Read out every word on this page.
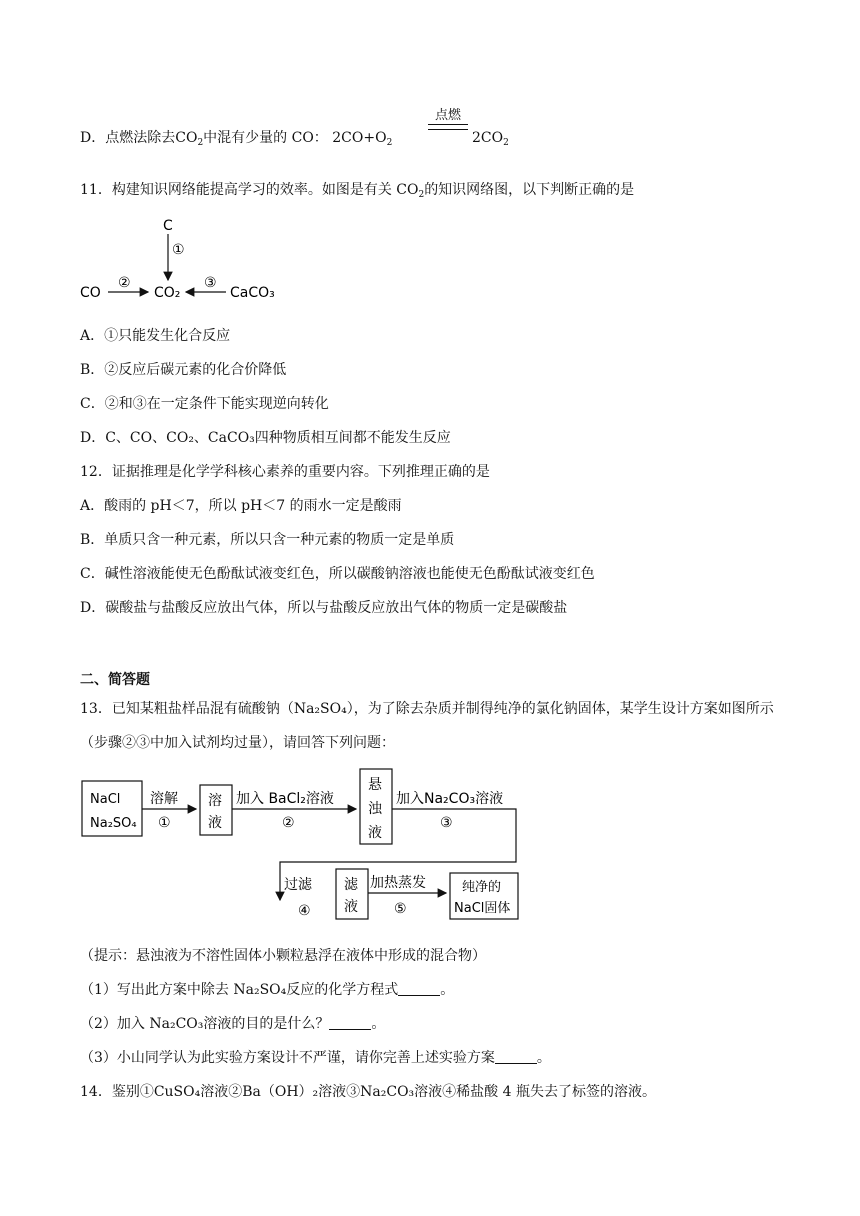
D．点燃法除去$CO_2$中混有少量的 CO： $2CO+O_2$
点燃
$2CO_2$
11．构建知识网络能提高学习的效率。如图是有关 $CO_2$的知识网络图，以下判断正确的是
C
①
CO
②
CO₂
③
CaCO₃
A．①只能发生化合反应
B．②反应后碳元素的化合价降低
C．②和③在一定条件下能实现逆向转化
D．C、CO、CO₂、CaCO₃四种物质相互间都不能发生反应
12．证据推理是化学学科核心素养的重要内容。下列推理正确的是
A．酸雨的 pH＜7，所以 pH＜7 的雨水一定是酸雨
B．单质只含一种元素，所以只含一种元素的物质一定是单质
C．碱性溶液能使无色酚酞试液变红色，所以碳酸钠溶液也能使无色酚酞试液变红色
D．碳酸盐与盐酸反应放出气体，所以与盐酸反应放出气体的物质一定是碳酸盐
二、简答题
13．已知某粗盐样品混有硫酸钠（Na₂SO₄），为了除去杂质并制得纯净的氯化钠固体，某学生设计方案如图所示（步骤②③中加入试剂均过量），请回答下列问题：
NaCl
Na₂SO₄
溶解
①
溶
液
加入 BaCl₂溶液
②
悬
浊
液
加入Na₂CO₃溶液
③
过滤
④
滤
液
加热蒸发
⑤
纯净的
NaCl固体
（提示：悬浊液为不溶性固体小颗粒悬浮在液体中形成的混合物）
（1）写出此方案中除去 Na₂SO₄反应的化学方程式	。
（2）加入 Na₂CO₃溶液的目的是什么？	。
（3）小山同学认为此实验方案设计不严谨，请你完善上述实验方案	。
14．鉴别①CuSO₄溶液②Ba（OH）₂溶液③Na₂CO₃溶液④稀盐酸 4 瓶失去了标签的溶液。
